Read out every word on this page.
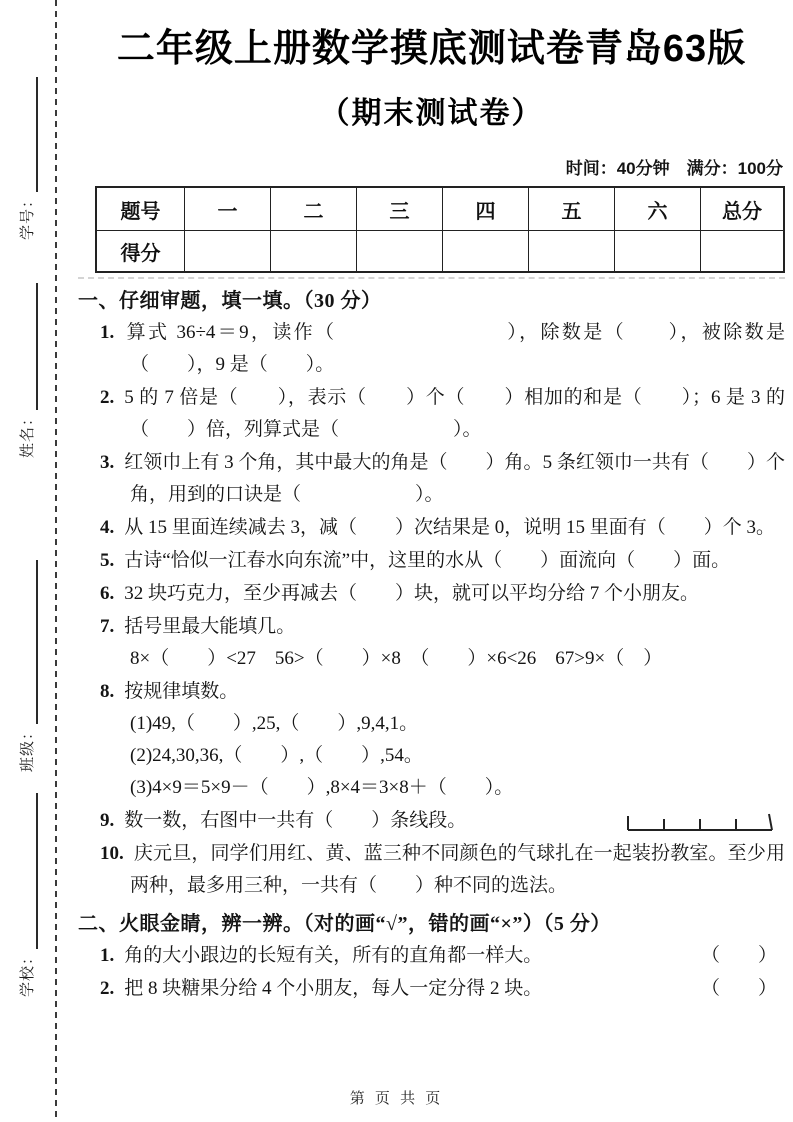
学号：
姓名：
班级：
学校：
二年级上册数学摸底测试卷青岛63版
（期末测试卷）
时间：40分钟　满分：100分
题号	一	二	三	四	五	六	总分
得分							
一、仔细审题，填一填。（30 分）
1. 算式 36÷4＝9，读作（　　　　　　　　），除数是（　　），被除数是（　　），9 是（　　）。
2. 5 的 7 倍是（　　），表示（　　）个（　　）相加的和是（　　）；6 是 3 的（　　）倍，列算式是（　　　　　　）。
3. 红领巾上有 3 个角，其中最大的角是（　　）角。5 条红领巾一共有（　　）个角，用到的口诀是（　　　　　　）。
4. 从 15 里面连续减去 3，减（　　）次结果是 0，说明 15 里面有（　　）个 3。
5. 古诗“恰似一江春水向东流”中，这里的水从（　　）面流向（　　）面。
6. 32 块巧克力，至少再减去（　　）块，就可以平均分给 7 个小朋友。
7. 括号里最大能填几。
8×（　　）<27　56>（　　）×8　（　　）×6<26　67>9×（　）
8. 按规律填数。
(1)49,（　　）,25,（　　）,9,4,1。
(2)24,30,36,（　　）,（　　）,54。
(3)4×9＝5×9－（　　）,8×4＝3×8＋（　　）。
9. 数一数，右图中一共有（　　）条线段。
10. 庆元旦，同学们用红、黄、蓝三种不同颜色的气球扎在一起装扮教室。至少用两种，最多用三种，一共有（　　）种不同的选法。
二、火眼金睛，辨一辨。（对的画“√”，错的画“×”）（5 分）
（　　）
1. 角的大小跟边的长短有关，所有的直角都一样大。
（　　）
2. 把 8 块糖果分给 4 个小朋友，每人一定分得 2 块。
第 页 共 页
